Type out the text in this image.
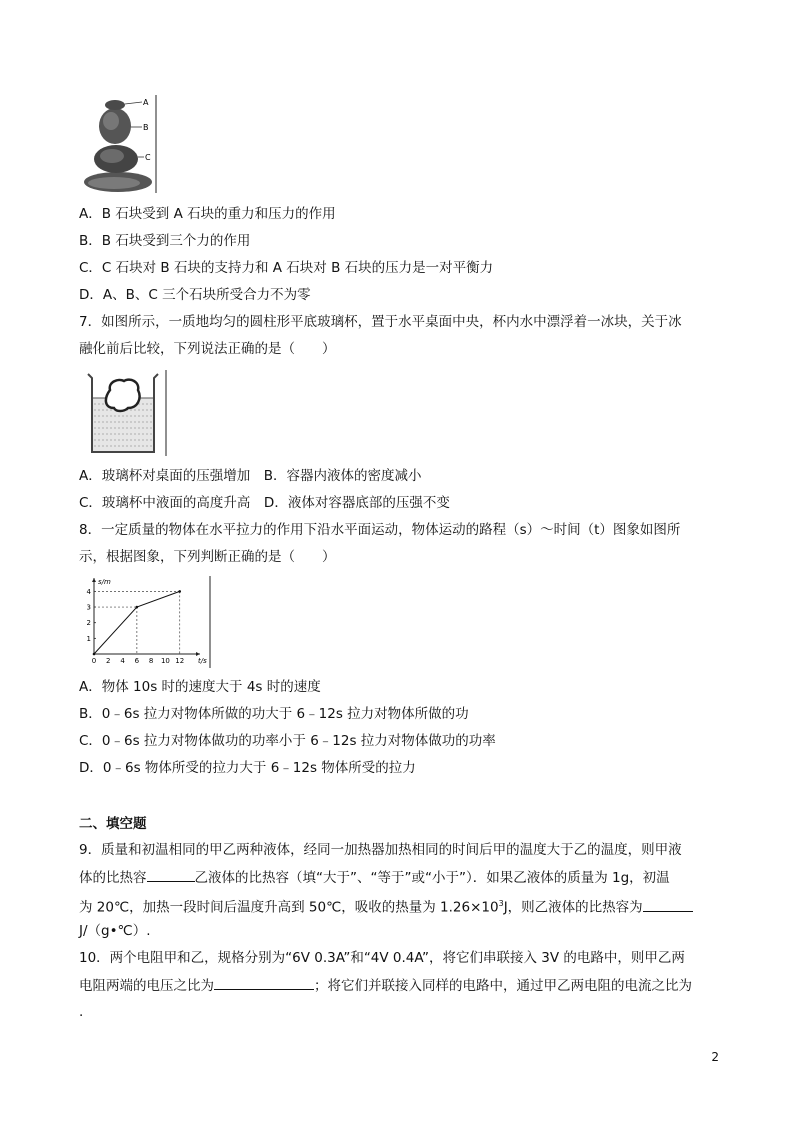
A
B
C
A．B 石块受到 A 石块的重力和压力的作用
B．B 石块受到三个力的作用
C．C 石块对 B 石块的支持力和 A 石块对 B 石块的压力是一对平衡力
D．A、B、C 三个石块所受合力不为零
7．如图所示，一质地均匀的圆柱形平底玻璃杯，置于水平桌面中央，杯内水中漂浮着一冰块，关于冰
融化前后比较，下列说法正确的是（　　）
A．玻璃杯对桌面的压强增加　B．容器内液体的密度减小
C．玻璃杯中液面的高度升高　D．液体对容器底部的压强不变
8．一定质量的物体在水平拉力的作用下沿水平面运动，物体运动的路程（s）～时间（t）图象如图所
示，根据图象，下列判断正确的是（　　）
0 2 4 6 8 10 12
1
2
3
4
s/m
t/s
A．物体 10s 时的速度大于 4s 时的速度
B．0﹣6s 拉力对物体所做的功大于 6﹣12s 拉力对物体所做的功
C．0﹣6s 拉力对物体做功的功率小于 6﹣12s 拉力对物体做功的功率
D．0﹣6s 物体所受的拉力大于 6﹣12s 物体所受的拉力
二、填空题
9．质量和初温相同的甲乙两种液体，经同一加热器加热相同的时间后甲的温度大于乙的温度，则甲液
体的比热容	乙液体的比热容（填“大于”、“等于”或“小于”）．如果乙液体的质量为 1g，初温
为 20℃，加热一段时间后温度升高到 50℃，吸收的热量为 $1.26\times 10^3J$，则乙液体的比热容为
J/（g•℃）.
10．两个电阻甲和乙，规格分别为“6V 0.3A”和“4V 0.4A”，将它们串联接入 3V 的电路中，则甲乙两
电阻两端的电压之比为	；将它们并联接入同样的电路中，通过甲乙两电阻的电流之比为
.
2
